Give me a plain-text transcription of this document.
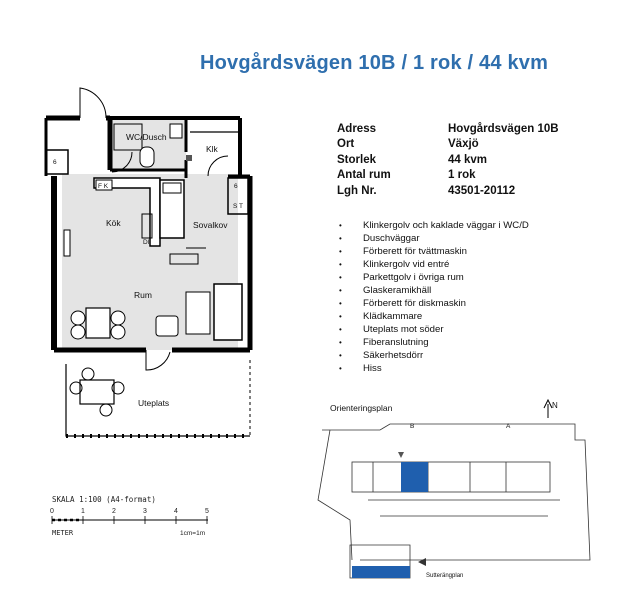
Hovgårdsvägen 10B / 1 rok / 44 kvm
Adress	Hovgårdsvägen 10B
Ort	Växjö
Storlek	44 kvm
Antal rum	1 rok
Lgh Nr.	43501-20112
• Klinkergolv och kaklade väggar i WC/D
• Duschväggar
• Förberett för tvättmaskin
• Klinkergolv vid entré
• Parkettgolv i övriga rum
• Glaskeramikhäll
• Förberett för diskmaskin
• Klädkammare
• Uteplats mot söder
• Fiberanslutning
• Säkerhetsdörr
• Hiss
WC/Dusch
Klk
Kök	Sovalkov
Rum
Uteplats
6
6
S T
F K
DI
SKALA 1:100 (A4-format)
0	1	2	3	4	5
METER	1cm=1m
Orienteringsplan	N
B	A
Sutterängplan
